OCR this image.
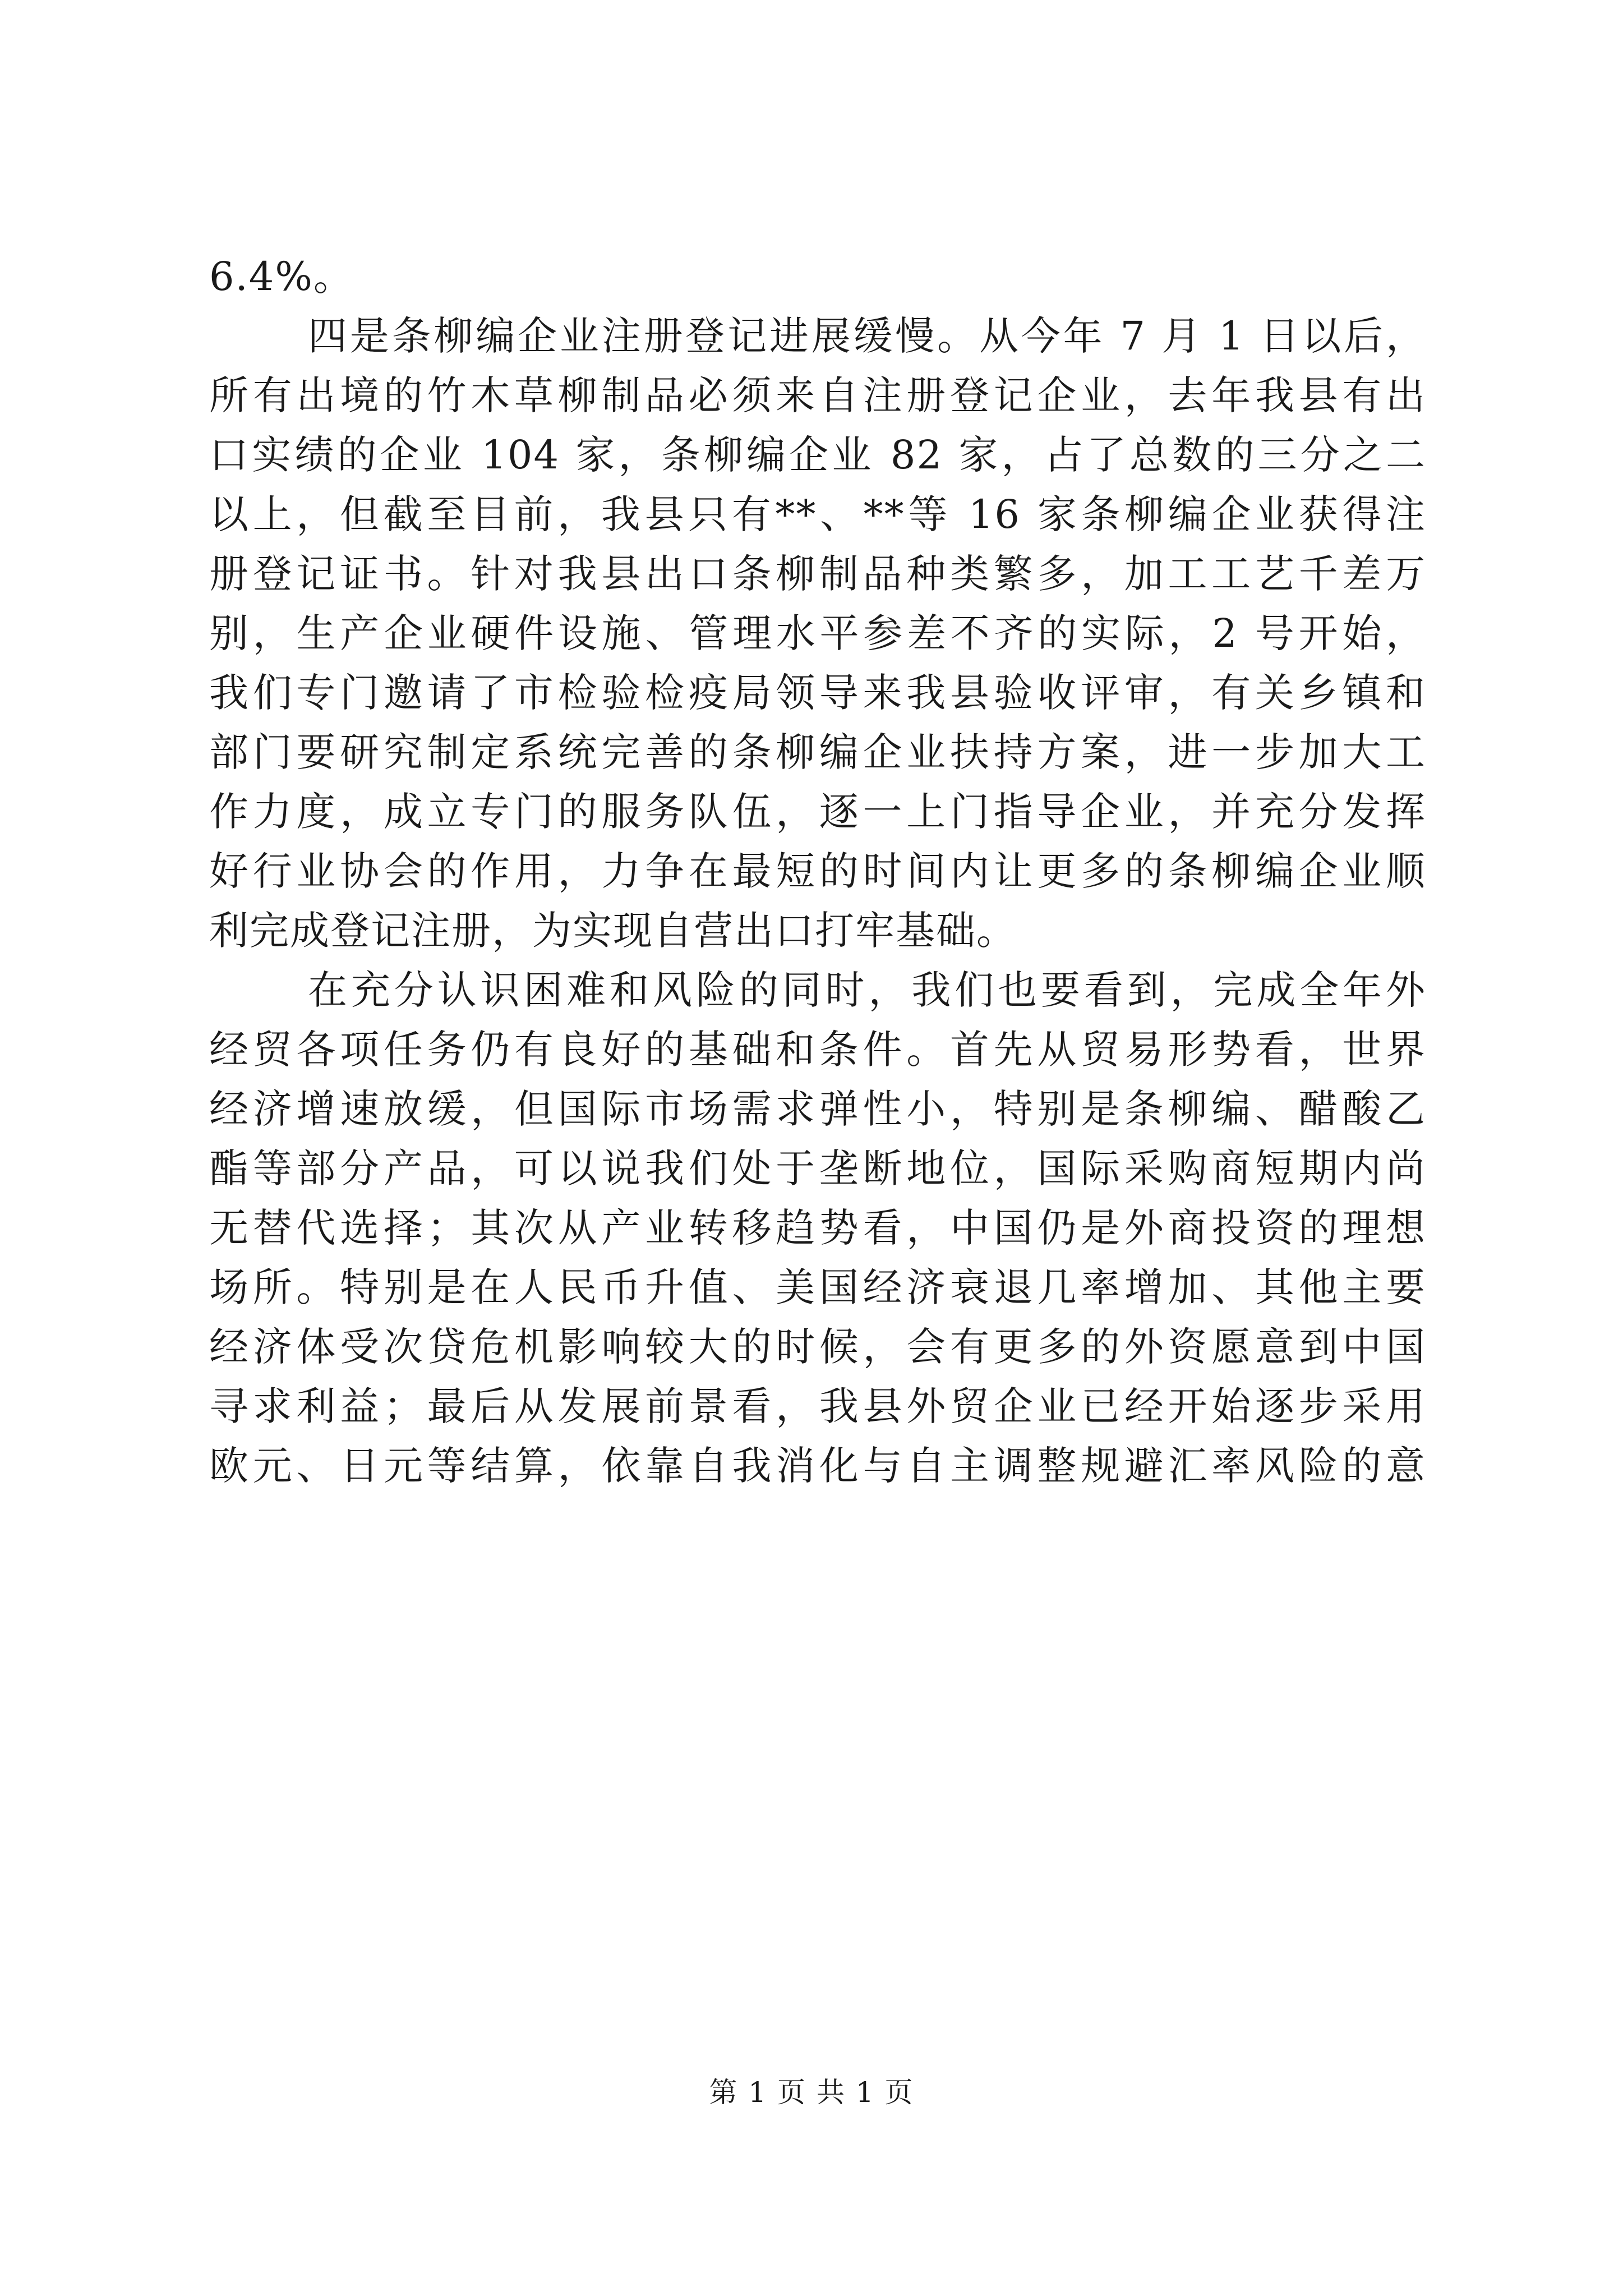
6.4%。
四是条柳编企业注册登记进展缓慢。从今年 7 月 1 日以后，
所有出境的竹木草柳制品必须来自注册登记企业，去年我县有出
口实绩的企业 104 家，条柳编企业 82 家，占了总数的三分之二
以上，但截至目前，我县只有**、**等 16 家条柳编企业获得注
册登记证书。针对我县出口条柳制品种类繁多，加工工艺千差万
别，生产企业硬件设施、管理水平参差不齐的实际，2 号开始，
我们专门邀请了市检验检疫局领导来我县验收评审，有关乡镇和
部门要研究制定系统完善的条柳编企业扶持方案，进一步加大工
作力度，成立专门的服务队伍，逐一上门指导企业，并充分发挥
好行业协会的作用，力争在最短的时间内让更多的条柳编企业顺
利完成登记注册，为实现自营出口打牢基础。
在充分认识困难和风险的同时，我们也要看到，完成全年外
经贸各项任务仍有良好的基础和条件。首先从贸易形势看，世界
经济增速放缓，但国际市场需求弹性小，特别是条柳编、醋酸乙
酯等部分产品，可以说我们处于垄断地位，国际采购商短期内尚
无替代选择；其次从产业转移趋势看，中国仍是外商投资的理想
场所。特别是在人民币升值、美国经济衰退几率增加、其他主要
经济体受次贷危机影响较大的时候，会有更多的外资愿意到中国
寻求利益；最后从发展前景看，我县外贸企业已经开始逐步采用
欧元、日元等结算，依靠自我消化与自主调整规避汇率风险的意
第 1 页 共 1 页
